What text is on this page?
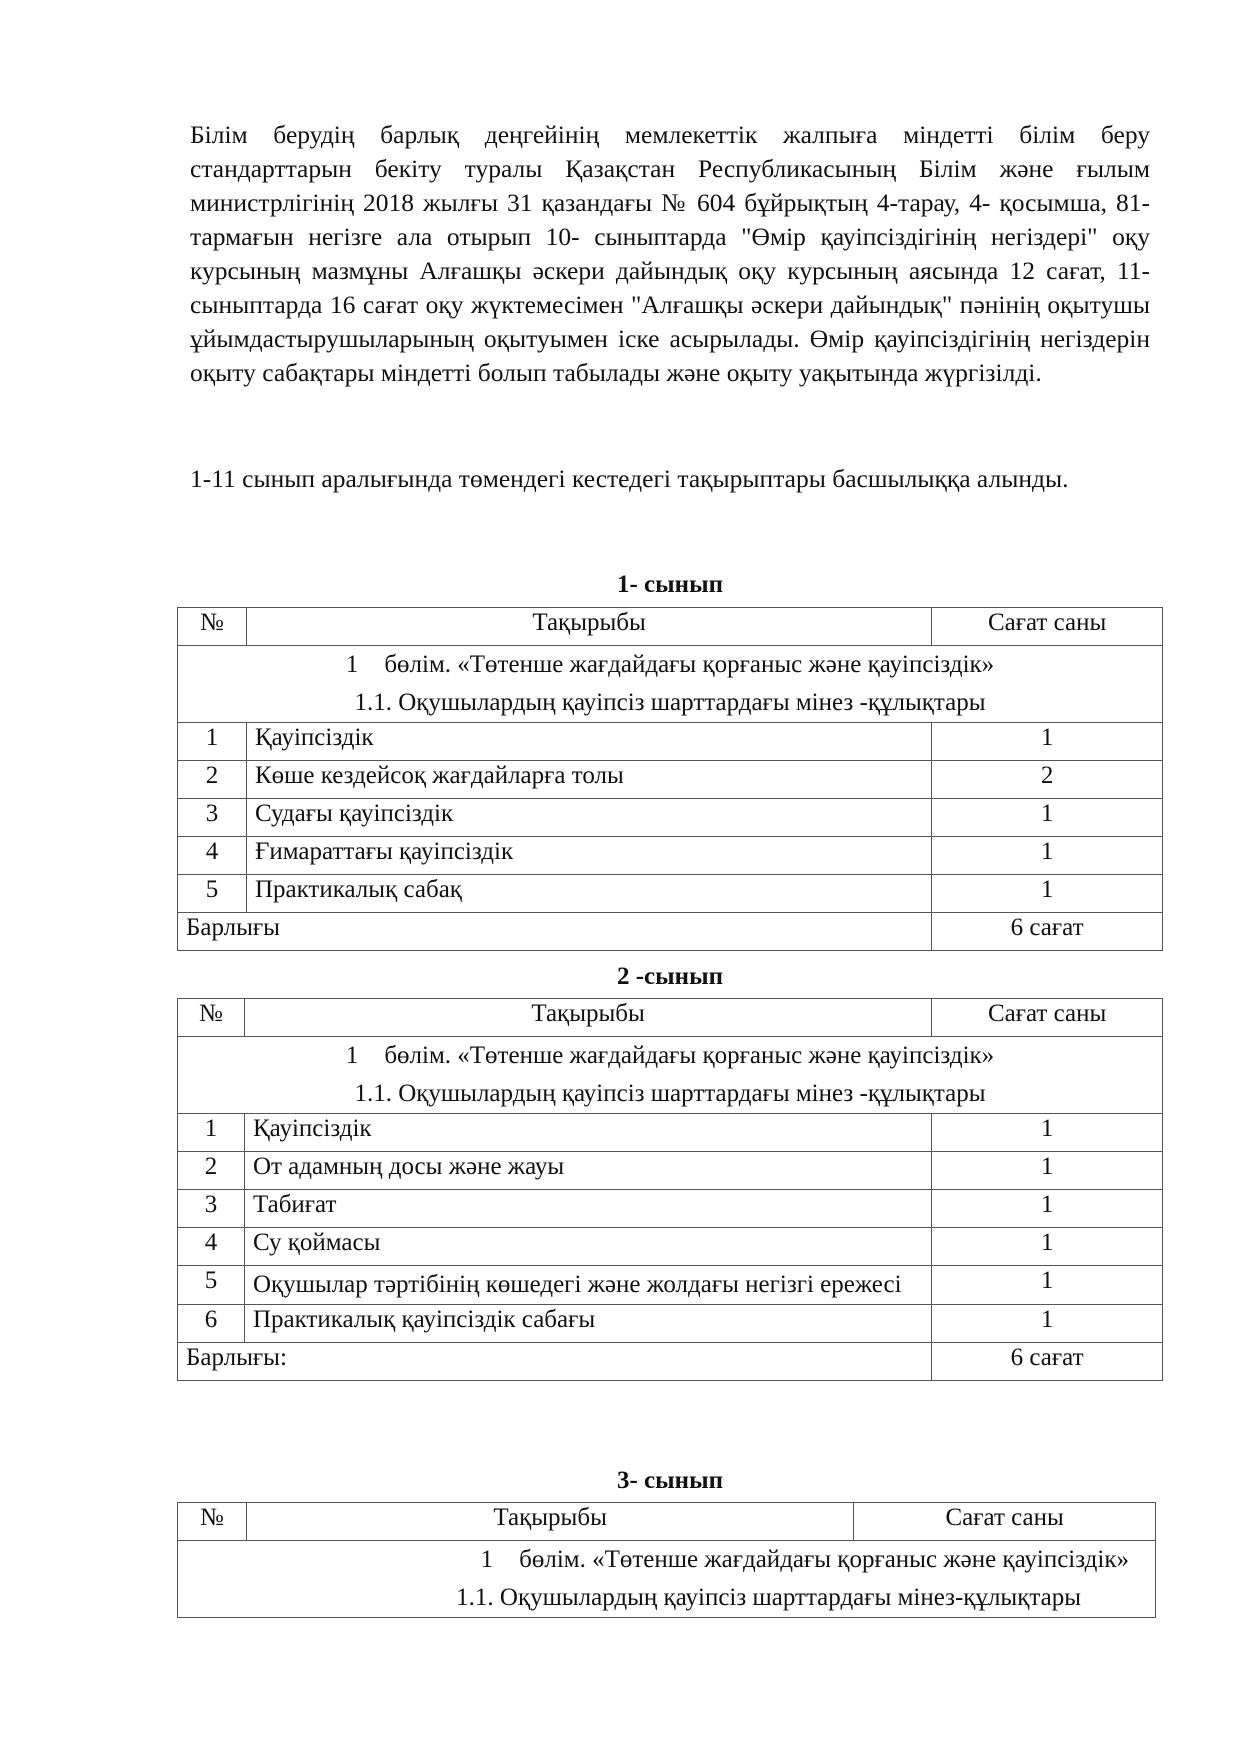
Білім берудің барлық деңгейінің мемлекеттік жалпыға міндетті білім беру стандарттарын бекіту туралы Қазақстан Республикасының Білім және ғылым министрлігінің 2018 жылғы 31 қазандағы № 604 бұйрықтың 4-тарау, 4- қосымша, 81-тармағын негізге ала отырып 10- сыныптарда "Өмір қауіпсіздігінің негіздері" оқу курсының мазмұны Алғашқы әскери дайындық оқу курсының аясында 12 сағат, 11- сыныптарда 16 сағат оқу жүктемесімен "Алғашқы әскери дайындық" пәнінің оқытушы ұйымдастырушыларының оқытуымен іске асырылады. Өмір қауіпсіздігінің негіздерін оқыту сабақтары міндетті болып табылады және оқыту уақытында жүргізілді.

1-11 сынып аралығында төмендегі кестедегі тақырыптары басшылыққа алынды.

1- сынып

№	Тақырыбы	Сағат саны

1 бөлім. «Төтенше жағдайдағы қорғаныс және қауіпсіздік»
1.1. Оқушылардың қауіпсіз шарттардағы мінез -құлықтары		

1	Қауіпсіздік	1
2	Көше кездейсоқ жағдайларға толы	2
3	Судағы қауіпсіздік	1
4	Ғимараттағы қауіпсіздік	1
5	Практикалық сабақ	1
Барлығы		6 сағат

2 -сынып

№	Тақырыбы	Сағат саны

1 бөлім. «Төтенше жағдайдағы қорғаныс және қауіпсіздік»
1.1. Оқушылардың қауіпсіз шарттардағы мінез -құлықтары		

1	Қауіпсіздік	1
2	От адамның досы және жауы	1
3	Табиғат	1
4	Су қоймасы	1
5	Оқушылар тәртібінің көшедегі және жолдағы негізгі ережесі	1
6	Практикалық қауіпсіздік сабағы	1
Барлығы:		6 сағат

3- сынып

№	Тақырыбы	Сағат саны

1 бөлім. «Төтенше жағдайдағы қорғаныс және қауіпсіздік»
1.1. Оқушылардың қауіпсіз шарттардағы мінез-құлықтары
